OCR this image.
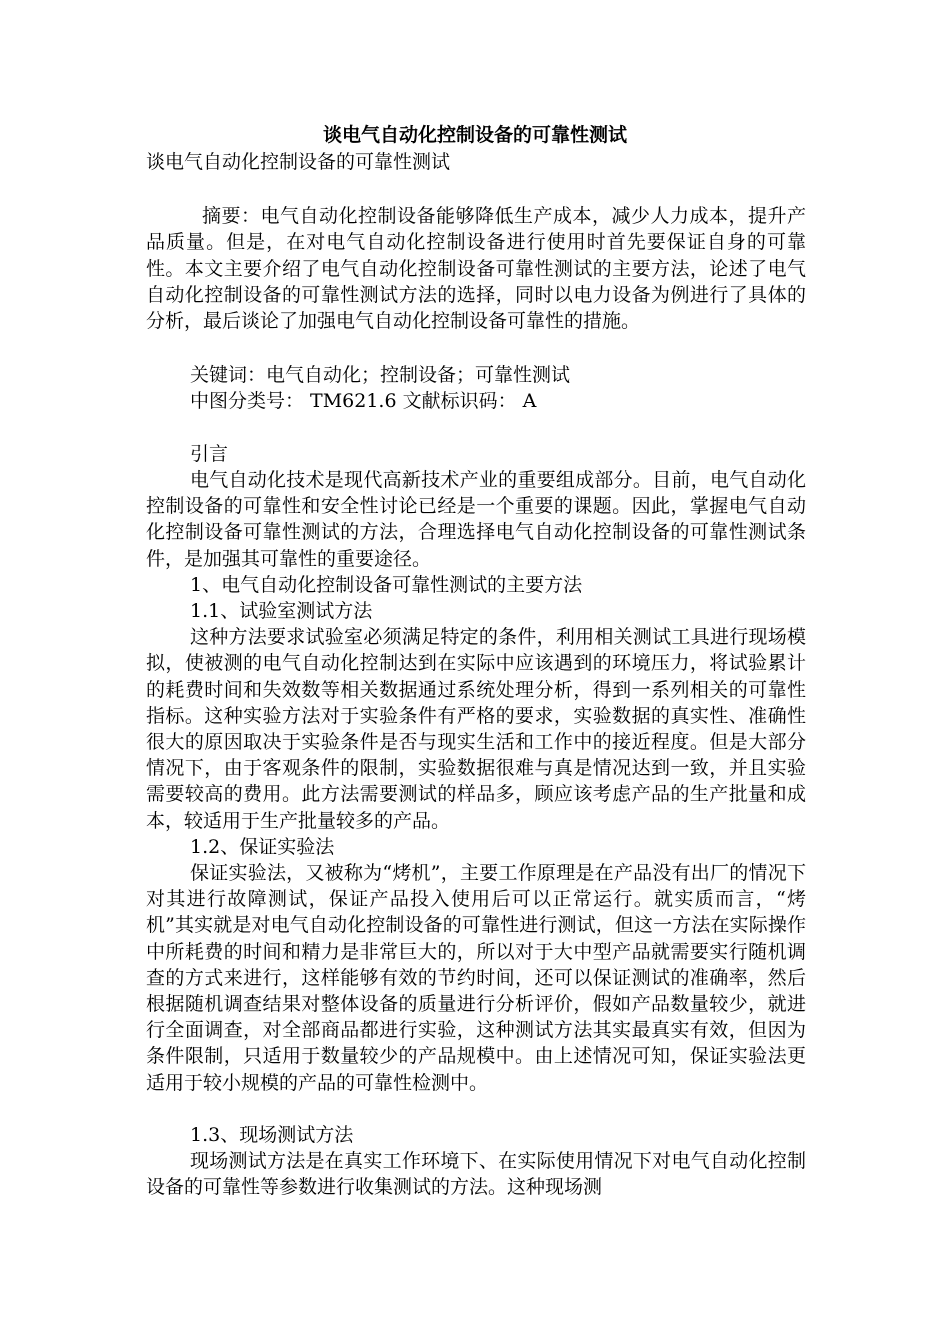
谈电气自动化控制设备的可靠性测试

谈电气自动化控制设备的可靠性测试

摘要：电气自动化控制设备能够降低生产成本，减少人力成本，提升产品质量。但是，在对电气自动化控制设备进行使用时首先要保证自身的可靠性。本文主要介绍了电气自动化控制设备可靠性测试的主要方法，论述了电气自动化控制设备的可靠性测试方法的选择，同时以电力设备为例进行了具体的分析，最后谈论了加强电气自动化控制设备可靠性的措施。

关键词：电气自动化；控制设备；可靠性测试

中图分类号： TM621.6 文献标识码： A

引言

电气自动化技术是现代高新技术产业的重要组成部分。目前，电气自动化控制设备的可靠性和安全性讨论已经是一个重要的课题。因此，掌握电气自动化控制设备可靠性测试的方法，合理选择电气自动化控制设备的可靠性测试条件，是加强其可靠性的重要途径。

1、电气自动化控制设备可靠性测试的主要方法

1.1、试验室测试方法

这种方法要求试验室必须满足特定的条件，利用相关测试工具进行现场模拟，使被测的电气自动化控制达到在实际中应该遇到的环境压力，将试验累计的耗费时间和失效数等相关数据通过系统处理分析，得到一系列相关的可靠性指标。这种实验方法对于实验条件有严格的要求，实验数据的真实性、准确性很大的原因取决于实验条件是否与现实生活和工作中的接近程度。但是大部分情况下，由于客观条件的限制，实验数据很难与真是情况达到一致，并且实验需要较高的费用。此方法需要测试的样品多，顾应该考虑产品的生产批量和成本，较适用于生产批量较多的产品。

1.2、保证实验法

保证实验法，又被称为“烤机”，主要工作原理是在产品没有出厂的情况下对其进行故障测试，保证产品投入使用后可以正常运行。就实质而言，“烤机”其实就是对电气自动化控制设备的可靠性进行测试，但这一方法在实际操作中所耗费的时间和精力是非常巨大的，所以对于大中型产品就需要实行随机调查的方式来进行，这样能够有效的节约时间，还可以保证测试的准确率，然后根据随机调查结果对整体设备的质量进行分析评价，假如产品数量较少，就进行全面调查，对全部商品都进行实验，这种测试方法其实最真实有效，但因为条件限制，只适用于数量较少的产品规模中。由上述情况可知，保证实验法更适用于较小规模的产品的可靠性检测中。

1.3、现场测试方法

现场测试方法是在真实工作环境下、在实际使用情况下对电气自动化控制设备的可靠性等参数进行收集测试的方法。这种现场测
